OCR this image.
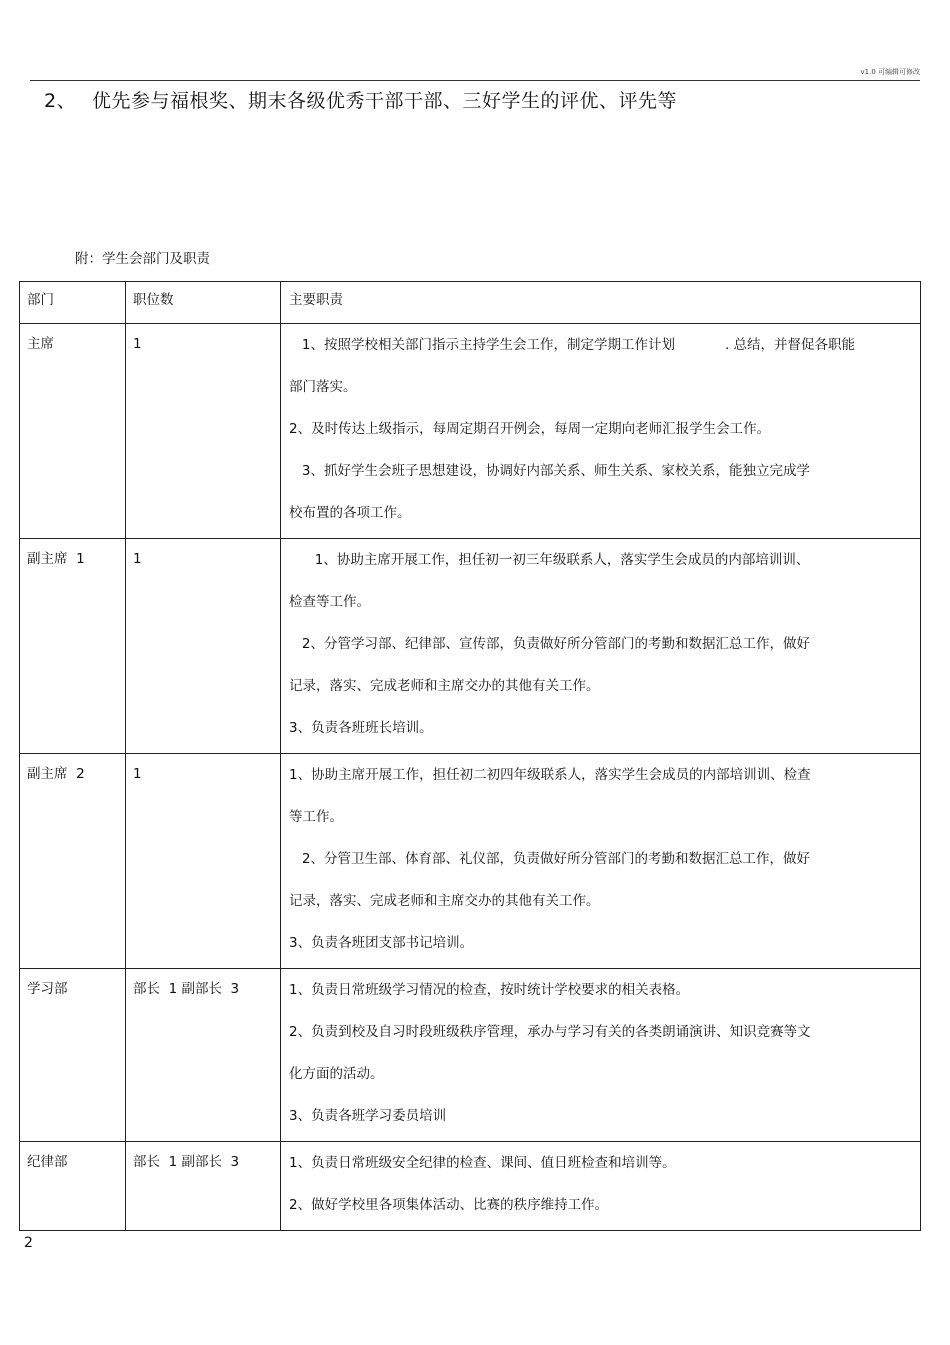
v1.0 可编辑可修改
2、 优先参与福根奖、期末各级优秀干部干部、三好学生的评优、评先等
附：学生会部门及职责
部门	职位数	主要职责

主席	1	1、按照学校相关部门指示主持学生会工作，制定学期工作计划 . 总结，并督促各职能
部门落实。
2、及时传达上级指示，每周定期召开例会，每周一定期向老师汇报学生会工作。
3、抓好学生会班子思想建设，协调好内部关系、师生关系、家校关系，能独立完成学
校布置的各项工作。

副主席  1	1	1、协助主席开展工作，担任初一初三年级联系人，落实学生会成员的内部培训训、
检查等工作。
2、分管学习部、纪律部、宣传部，负责做好所分管部门的考勤和数据汇总工作，做好
记录，落实、完成老师和主席交办的其他有关工作。
3、负责各班班长培训。

副主席  2	1	1、协助主席开展工作，担任初二初四年级联系人，落实学生会成员的内部培训训、检查
等工作。
2、分管卫生部、体育部、礼仪部，负责做好所分管部门的考勤和数据汇总工作，做好
记录，落实、完成老师和主席交办的其他有关工作。
3、负责各班团支部书记培训。

学习部	部长  1 副部长  3	1、负责日常班级学习情况的检查，按时统计学校要求的相关表格。
2、负责到校及自习时段班级秩序管理，承办与学习有关的各类朗诵演讲、知识竞赛等文
化方面的活动。
3、负责各班学习委员培训

纪律部	部长  1 副部长  3	1、负责日常班级安全纪律的检查、课间、值日班检查和培训等。
2、做好学校里各项集体活动、比赛的秩序维持工作。
2
